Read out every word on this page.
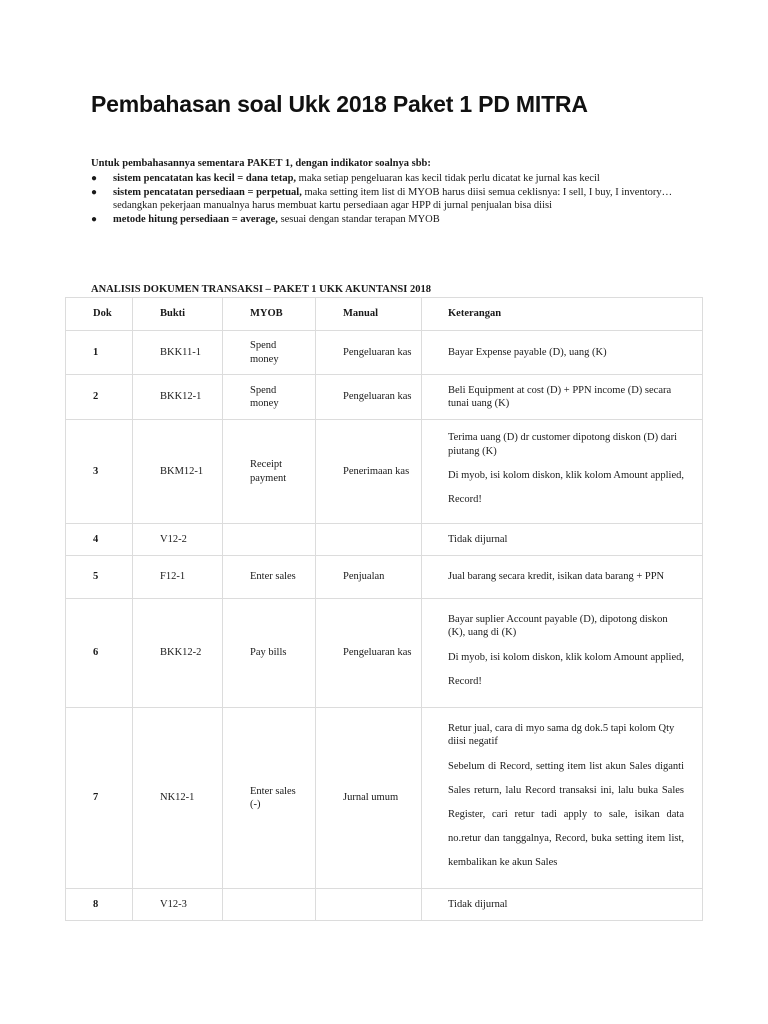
Pembahasan soal Ukk 2018 Paket 1 PD MITRA
Untuk pembahasannya sementara PAKET 1, dengan indikator soalnya sbb:
● sistem pencatatan kas kecil = dana tetap, maka setiap pengeluaran kas kecil tidak perlu dicatat ke jurnal kas kecil
● sistem pencatatan persediaan = perpetual, maka setting item list di MYOB harus diisi semua ceklisnya: I sell, I buy, I inventory… sedangkan pekerjaan manualnya harus membuat kartu persediaan agar HPP di jurnal penjualan bisa diisi
● metode hitung persediaan = average, sesuai dengan standar terapan MYOB
ANALISIS DOKUMEN TRANSAKSI – PAKET 1 UKK AKUNTANSI 2018
Dok	Bukti	MYOB	Manual	Keterangan
1	BKK11-1	Spend money	Pengeluaran kas	Bayar Expense payable (D), uang (K)

2	BKK12-1	Spend money	Pengeluaran kas	Beli Equipment at cost (D) + PPN income (D) secara tunai uang (K)

3	BKM12-1	Receipt payment	Penerimaan kas	Terima uang (D) dr customer dipotong diskon (D) dari piutang (K)

Di myob, isi kolom diskon, klik kolom Amount applied, Record!

4	V12-2			Tidak dijurnal

5	F12-1	Enter sales	Penjualan	Jual barang secara kredit, isikan data barang + PPN

6	BKK12-2	Pay bills	Pengeluaran kas	Bayar suplier Account payable (D), dipotong diskon (K), uang di (K)

Di myob, isi kolom diskon, klik kolom Amount applied, Record!

7	NK12-1	Enter sales (-)	Jurnal umum	Retur jual, cara di myo sama dg dok.5 tapi kolom Qty diisi negatif

Sebelum di Record, setting item list akun Sales diganti Sales return, lalu Record transaksi ini, lalu buka Sales Register, cari retur tadi apply to sale, isikan data no.retur dan tanggalnya, Record, buka setting item list, kembalikan ke akun Sales

8	V12-3			Tidak dijurnal
